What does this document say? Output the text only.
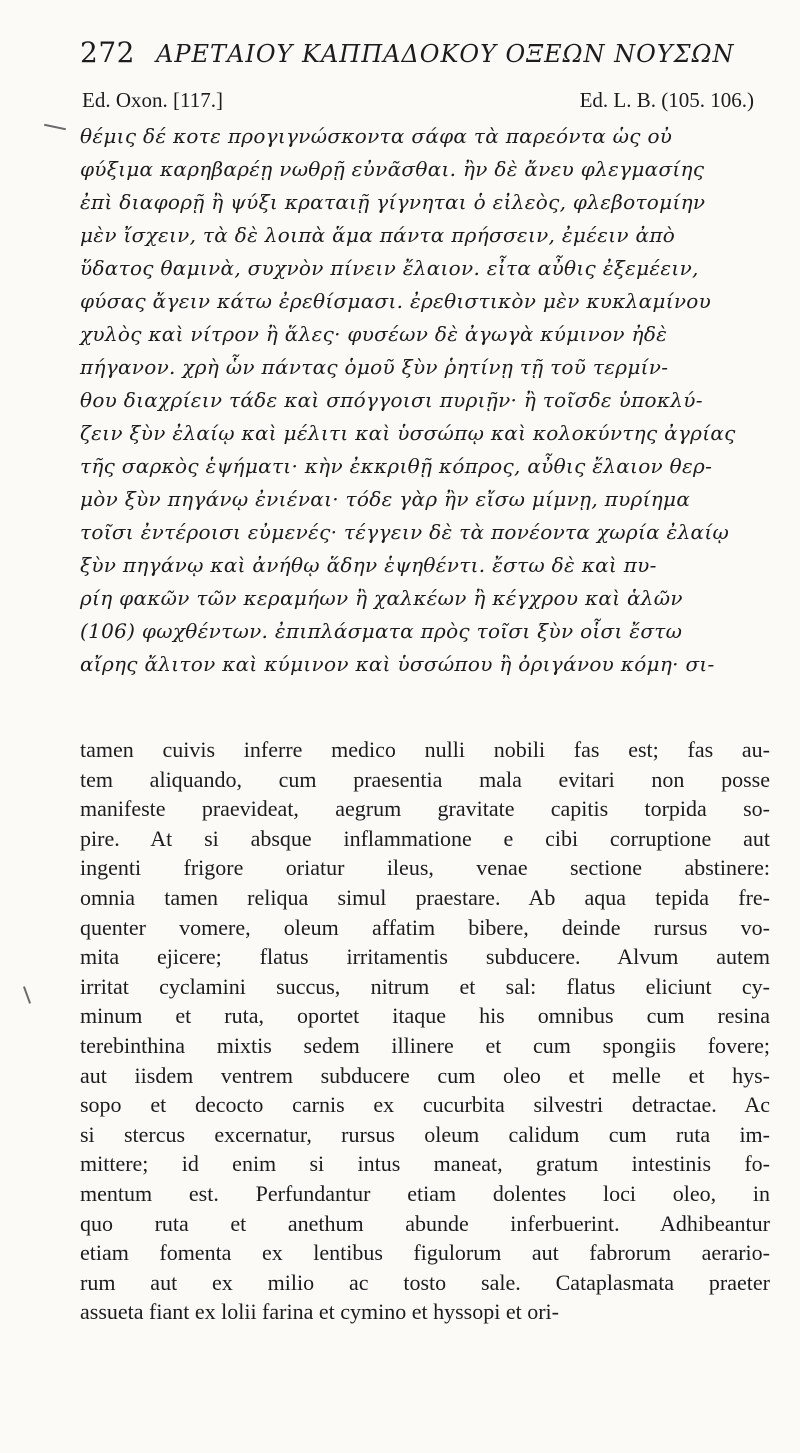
272 ΑΡΕΤΑΙΟΥ ΚΑΠΠΑΔΟΚΟΥ ΟΞΕΩΝ ΝΟΥΣΩΝ
Ed. Oxon. [117.]	Ed. L. B. (105. 106.)
θέμις δέ κοτε προγιγνώσκοντα σάφα τὰ παρεόντα ὡς οὐ
φύξιμα καρηβαρέῃ νωθρῇ εὐνᾶσθαι. ἢν δὲ ἄνευ φλεγμασίης
ἐπὶ διαφορῇ ἢ ψύξι κραταιῇ γίγνηται ὁ εἰλεὸς, φλεβοτομίην
μὲν ἴσχειν, τὰ δὲ λοιπὰ ἅμα πάντα πρήσσειν, ἐμέειν ἀπὸ
ὕδατος θαμινὰ, συχνὸν πίνειν ἔλαιον. εἶτα αὖθις ἐξεμέειν,
φύσας ἄγειν κάτω ἐρεθίσμασι. ἐρεθιστικὸν μὲν κυκλαμίνου
χυλὸς καὶ νίτρον ἢ ἅλες· φυσέων δὲ ἀγωγὰ κύμινον ἠδὲ
πήγανον. χρὴ ὧν πάντας ὁμοῦ ξὺν ῥητίνῃ τῇ τοῦ τερμίν-
θου διαχρίειν τάδε καὶ σπόγγοισι πυριῇν· ἢ τοῖσδε ὑποκλύ-
ζειν ξὺν ἐλαίῳ καὶ μέλιτι καὶ ὑσσώπῳ καὶ κολοκύντης ἀγρίας
τῆς σαρκὸς ἑψήματι· κὴν ἐκκριθῇ κόπρος, αὖθις ἔλαιον θερ-
μὸν ξὺν πηγάνῳ ἐνιέναι· τόδε γὰρ ἢν εἴσω μίμνῃ, πυρίημα
τοῖσι ἐντέροισι εὐμενές· τέγγειν δὲ τὰ πονέοντα χωρία ἐλαίῳ
ξὺν πηγάνῳ καὶ ἀνήθῳ ἅδην ἑψηθέντι. ἔστω δὲ καὶ πυ-
ρίη φακῶν τῶν κεραμήων ἢ χαλκέων ἢ κέγχρου καὶ ἁλῶν
(106) φωχθέντων. ἐπιπλάσματα πρὸς τοῖσι ξὺν οἷσι ἔστω
αἴρης ἄλιτον καὶ κύμινον καὶ ὑσσώπου ἢ ὀριγάνου κόμη· σι-
tamen cuivis inferre medico nulli nobili fas est; fas au-
tem aliquando, cum praesentia mala evitari non posse
manifeste praevideat, aegrum gravitate capitis torpida so-
pire. At si absque inflammatione e cibi corruptione aut
ingenti frigore oriatur ileus, venae sectione abstinere:
omnia tamen reliqua simul praestare. Ab aqua tepida fre-
quenter vomere, oleum affatim bibere, deinde rursus vo-
mita ejicere; flatus irritamentis subducere. Alvum autem
irritat cyclamini succus, nitrum et sal: flatus eliciunt cy-
minum et ruta, oportet itaque his omnibus cum resina
terebinthina mixtis sedem illinere et cum spongiis fovere;
aut iisdem ventrem subducere cum oleo et melle et hys-
sopo et decocto carnis ex cucurbita silvestri detractae. Ac
si stercus excernatur, rursus oleum calidum cum ruta im-
mittere; id enim si intus maneat, gratum intestinis fo-
mentum est. Perfundantur etiam dolentes loci oleo, in
quo ruta et anethum abunde inferbuerint. Adhibeantur
etiam fomenta ex lentibus figulorum aut fabrorum aerario-
rum aut ex milio ac tosto sale. Cataplasmata praeter
assueta fiant ex lolii farina et cymino et hyssopi et ori-
